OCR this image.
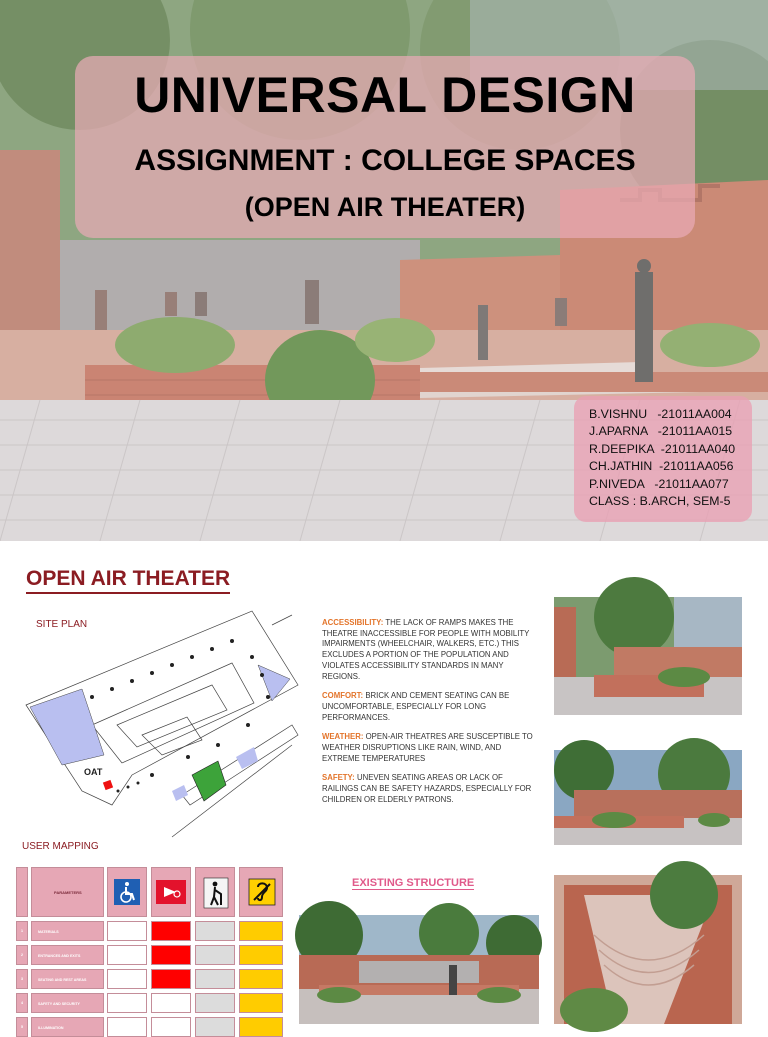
UNIVERSAL DESIGN
ASSIGNMENT : COLLEGE SPACES
(OPEN AIR THEATER)
B.VISHNU   -21011AA004
J.APARNA   -21011AA015
R.DEEPIKA  -21011AA040
CH.JATHIN  -21011AA056
P.NIVEDA   -21011AA077
CLASS : B.ARCH, SEM-5
OPEN AIR THEATER
SITE PLAN
OAT

ACCESSIBILITY: THE LACK OF RAMPS MAKES THE THEATRE INACCESSIBLE FOR PEOPLE WITH MOBILITY IMPAIRMENTS (WHEELCHAIR, WALKERS, ETC.) THIS EXCLUDES A PORTION OF THE POPULATION AND VIOLATES ACCESSIBILITY STANDARDS IN MANY REGIONS.

COMFORT: BRICK AND CEMENT SEATING CAN BE UNCOMFORTABLE, ESPECIALLY FOR LONG PERFORMANCES.

WEATHER: OPEN-AIR THEATRES ARE SUSCEPTIBLE TO WEATHER DISRUPTIONS LIKE RAIN, WIND, AND EXTREME TEMPERATURES

SAFETY: UNEVEN SEATING AREAS OR LACK OF RAILINGS CAN BE SAFETY HAZARDS, ESPECIALLY FOR CHILDREN OR ELDERLY PATRONS.

USER MAPPING
PARAMETERS
1	MATERIALS
2	ENTRANCES AND EXITS
3	SEATING AND REST AREAS
4	SAFETY AND SECURITY
5	ILLUMINATION
EXISTING STRUCTURE
